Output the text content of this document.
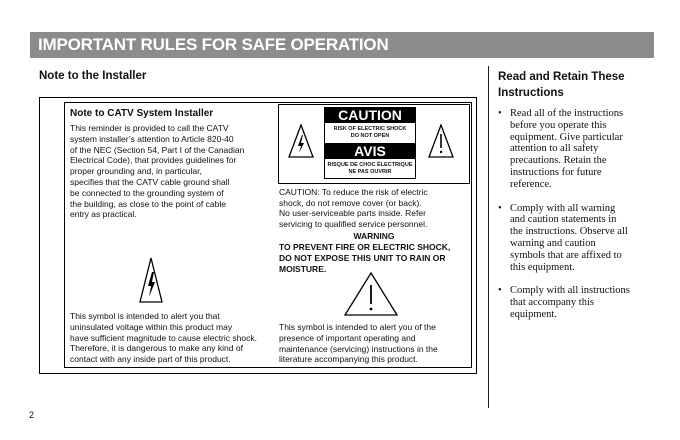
IMPORTANT RULES FOR SAFE OPERATION
Note to the Installer
Note to CATV System Installer
This reminder is provided to call the CATV
system installer’s attention to Article 820-40
of the NEC (Section 54, Part I of the Canadian
Electrical Code), that provides guidelines for
proper grounding and, in particular,
specifies that the CATV cable ground shall
be connected to the grounding system of
the building, as close to the point of cable
entry as practical.
CAUTION
RISK OF ELECTRIC SHOCK
DO NOT OPEN
AVIS
RISQUE DE CHOC ÉLECTRIQUE
NE PAS OUVRIR
CAUTION: To reduce the risk of electric
shock, do not remove cover (or back).
No user-serviceable parts inside. Refer
servicing to qualified service personnel.
WARNING
TO PREVENT FIRE OR ELECTRIC SHOCK,
DO NOT EXPOSE THIS UNIT TO RAIN OR
MOISTURE.
This symbol is intended to alert you that
uninsulated voltage within this product may
have sufficient magnitude to cause electric shock.
Therefore, it is dangerous to make any kind of
contact with any inside part of this product.
This symbol is intended to alert you of the
presence of important operating and
maintenance (servicing) instructions in the
literature accompanying this product.
Read and Retain These
Instructions
• Read all of the instructions
before you operate this
equipment. Give particular
attention to all safety
precautions. Retain the
instructions for future
reference.
• Comply with all warning
and caution statements in
the instructions. Observe all
warning and caution
symbols that are affixed to
this equipment.
• Comply with all instructions
that accompany this
equipment.
2
